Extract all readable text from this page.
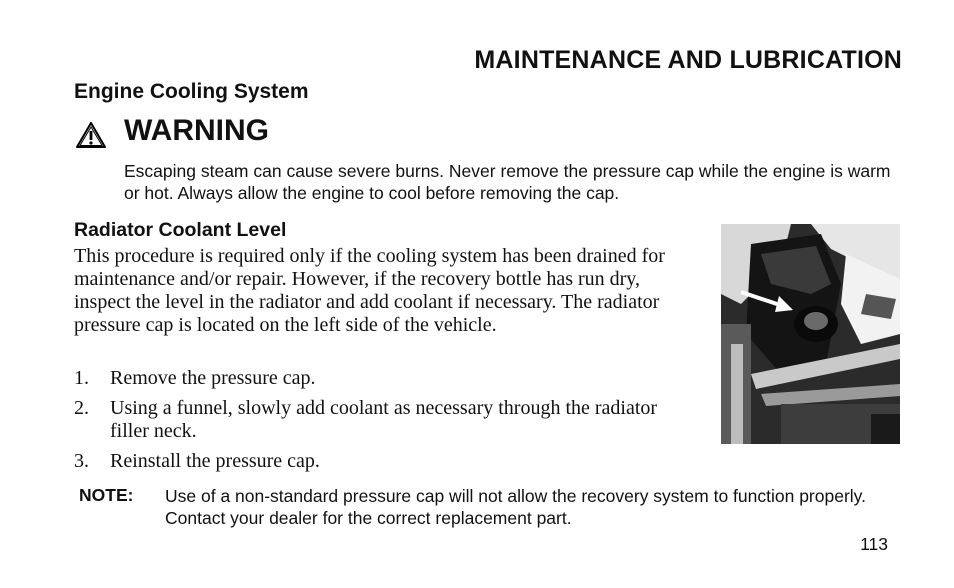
MAINTENANCE AND LUBRICATION
Engine Cooling System
WARNING
Escaping steam can cause severe burns. Never remove the pressure cap while the engine is warm or hot. Always allow the engine to cool before removing the cap.
Radiator Coolant Level

This procedure is required only if the cooling system has been drained for maintenance and/or repair. However, if the recovery bottle has run dry, inspect the level in the radiator and add coolant if necessary. The radiator pressure cap is located on the left side of the vehicle.

1.	Remove the pressure cap.
2.	Using a funnel, slowly add coolant as necessary through the radiator filler neck.
3.	Reinstall the pressure cap.
NOTE: Use of a non-standard pressure cap will not allow the recovery system to function properly. Contact your dealer for the correct replacement part.
113
